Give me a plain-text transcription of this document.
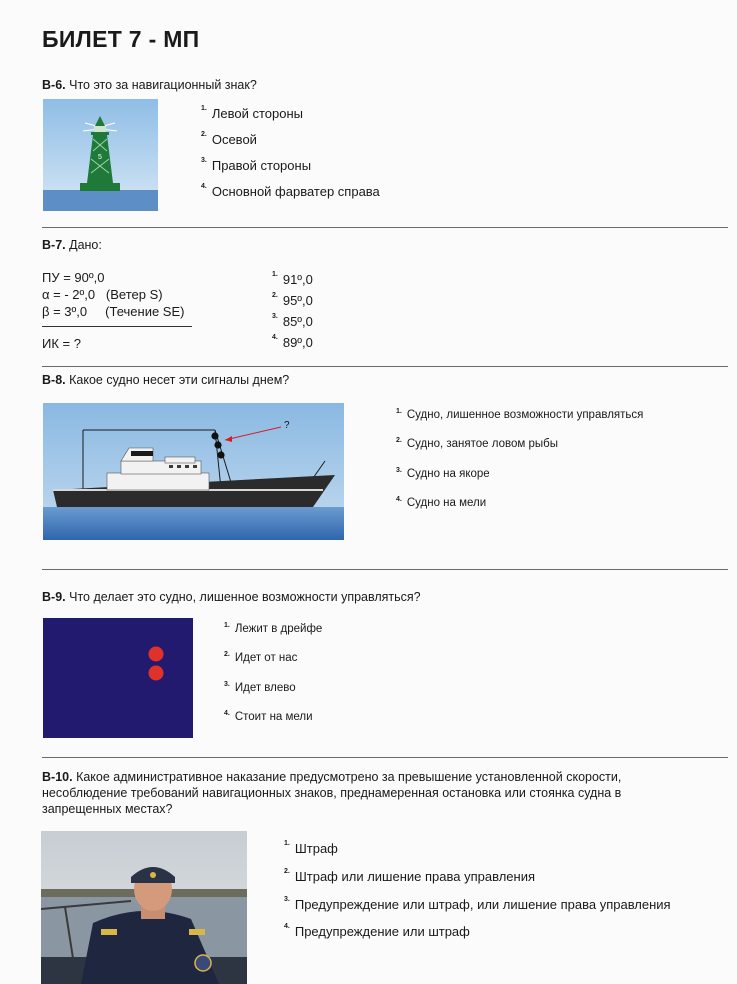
БИЛЕТ 7 - МП
В-6. Что это за навигационный знак?
5
$^{1.}$ Левой стороны
$^{2.}$ Осевой
$^{3.}$ Правой стороны
$^{4.}$ Основной фарватер справа
В-7. Дано:
ПУ = 90º,0
α = - 2º,0   (Ветер S)
β = 3º,0     (Течение SE)
ИК = ?
$^{1.}$ 91º,0
$^{2.}$ 95º,0
$^{3.}$ 85º,0
$^{4.}$ 89º,0
В-8. Какое судно несет эти сигналы днем?
?
$^{1.}$ Судно, лишенное возможности управляться
$^{2.}$ Судно, занятое ловом рыбы
$^{3.}$ Судно на якоре
$^{4.}$ Судно на мели
В-9. Что делает это судно, лишенное возможности управляться?
$^{1.}$ Лежит в дрейфе
$^{2.}$ Идет от нас
$^{3.}$ Идет влево
$^{4.}$ Стоит на мели
В-10. Какое административное наказание предусмотрено за превышение установленной скорости, несоблюдение требований навигационных знаков, преднамеренная остановка или стоянка судна в запрещенных местах?
$^{1.}$ Штраф
$^{2.}$ Штраф или лишение права управления
$^{3.}$ Предупреждение или штраф, или лишение права управления
$^{4.}$ Предупреждение или штраф
